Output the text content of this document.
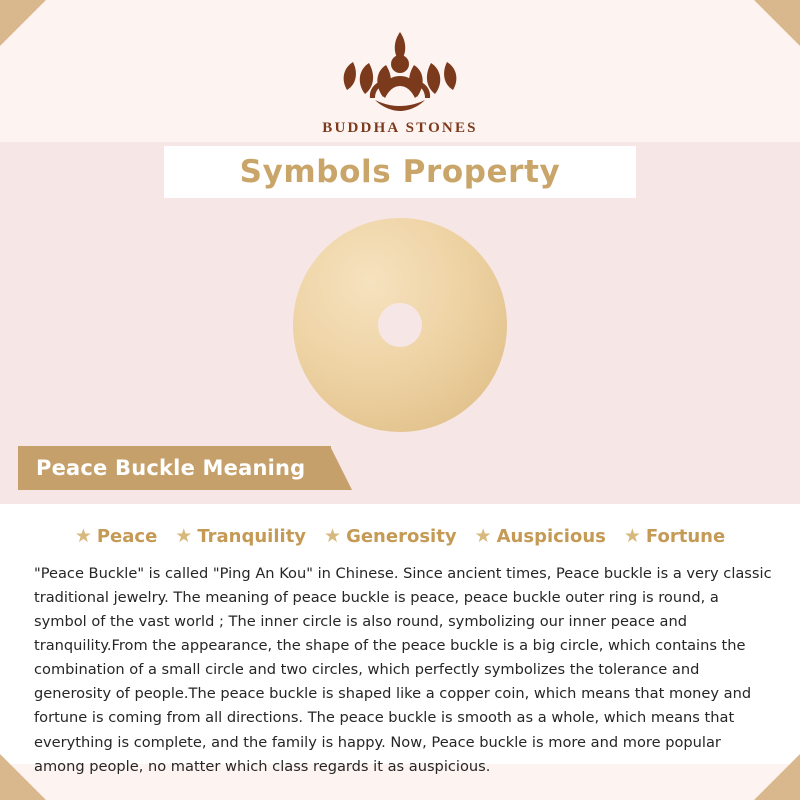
BUDDHA STONES
Symbols Property
Peace Buckle Meaning
★ Peace ★ Tranquility ★ Generosity ★ Auspicious ★ Fortune
"Peace Buckle" is called "Ping An Kou" in Chinese. Since ancient times, Peace buckle is a very classic traditional jewelry. The meaning of peace buckle is peace, peace buckle outer ring is round, a symbol of the vast world ; The inner circle is also round, symbolizing our inner peace and tranquility.From the appearance, the shape of the peace buckle is a big circle, which contains the combination of a small circle and two circles, which perfectly symbolizes the tolerance and generosity of people.The peace buckle is shaped like a copper coin, which means that money and fortune is coming from all directions. The peace buckle is smooth as a whole, which means that everything is complete, and the family is happy. Now, Peace buckle is more and more popular among people, no matter which class regards it as auspicious.
